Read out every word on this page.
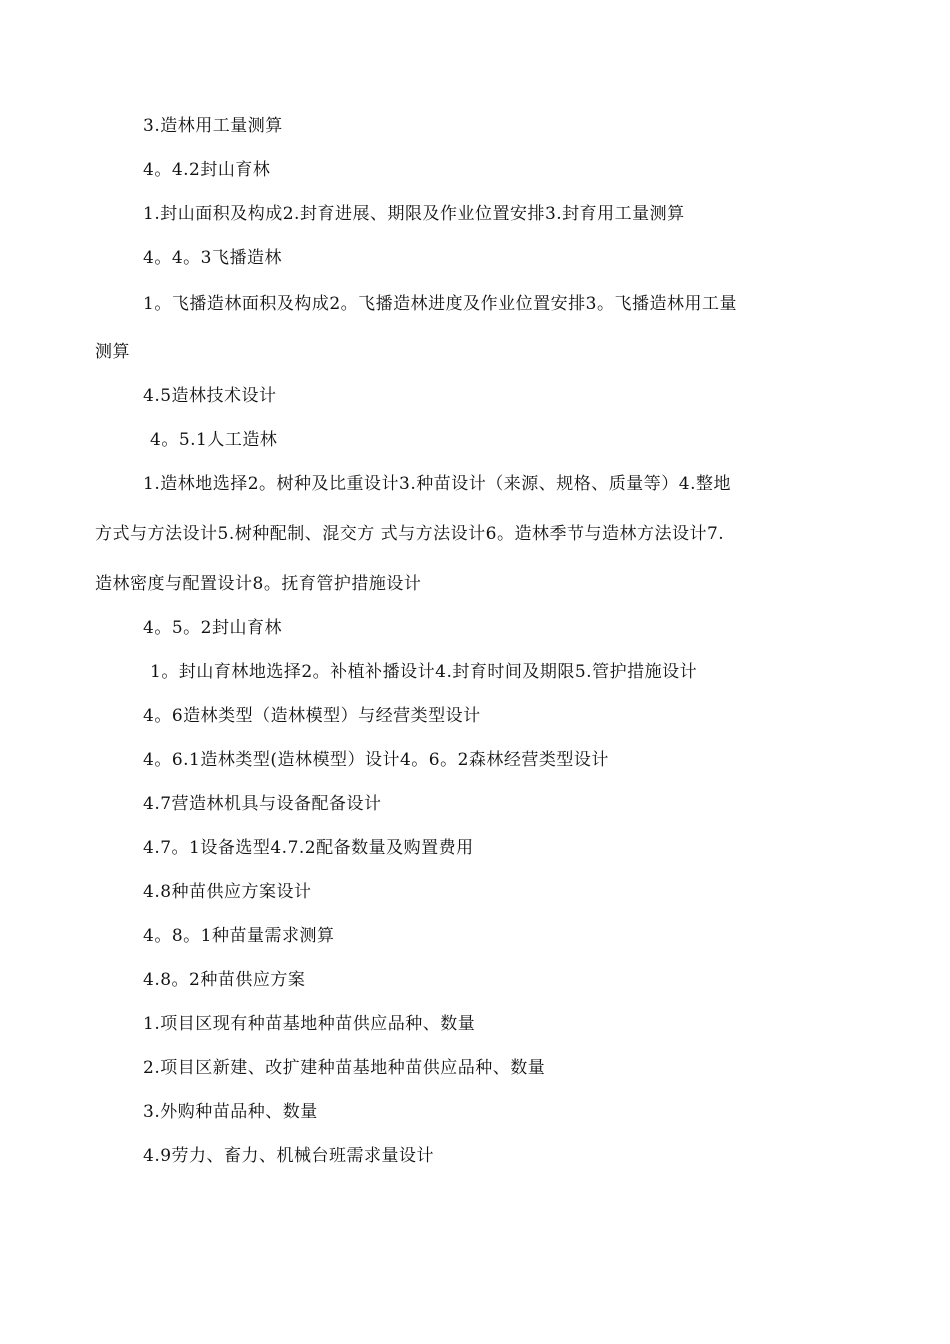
3.造林用工量测算
4。4.2封山育林
1.封山面积及构成2.封育进展、期限及作业位置安排3.封育用工量测算
4。4。3飞播造林
1。飞播造林面积及构成2。飞播造林进度及作业位置安排3。飞播造林用工量
测算
4.5造林技术设计
4。5.1人工造林
1.造林地选择2。树种及比重设计3.种苗设计（来源、规格、质量等）4.整地
方式与方法设计5.树种配制、混交方 式与方法设计6。造林季节与造林方法设计7.
造林密度与配置设计8。抚育管护措施设计
4。5。2封山育林
1。封山育林地选择2。补植补播设计4.封育时间及期限5.管护措施设计
4。6造林类型（造林模型）与经营类型设计
4。6.1造林类型(造林模型）设计4。6。2森林经营类型设计
4.7营造林机具与设备配备设计
4.7。1设备选型4.7.2配备数量及购置费用
4.8种苗供应方案设计
4。8。1种苗量需求测算
4.8。2种苗供应方案
1.项目区现有种苗基地种苗供应品种、数量
2.项目区新建、改扩建种苗基地种苗供应品种、数量
3.外购种苗品种、数量
4.9劳力、畜力、机械台班需求量设计
